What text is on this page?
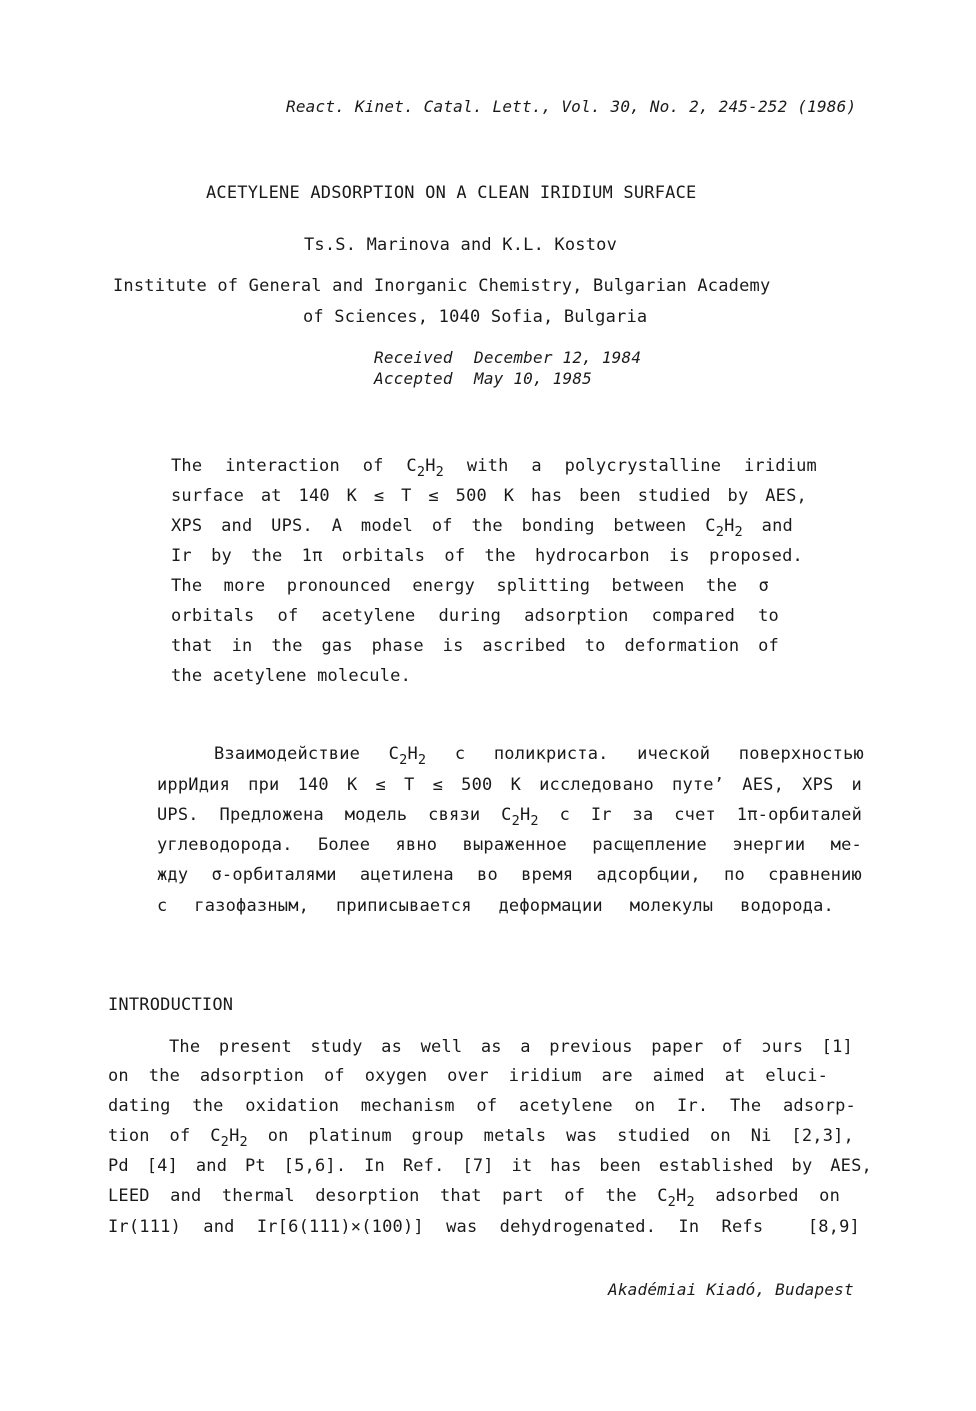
React. Kinet. Catal. Lett., Vol. 30, No. 2, 245-252 (1986)
ACETYLENE ADSORPTION ON A CLEAN IRIDIUM SURFACE
Ts.S. Marinova and K.L. Kostov
Institute of General and Inorganic Chemistry, Bulgarian Academy
of Sciences, 1040 Sofia, Bulgaria
Received December 12, 1984
Accepted May 10, 1985
The interaction of $C_2H_2$ with a polycrystalline iridium
surface at 140 K ≤ T ≤ 500 K has been studied by AES,
XPS and UPS. A model of the bonding between $C_2H_2$ and
Ir by the 1π orbitals of the hydrocarbon is proposed.
The more pronounced energy splitting between the σ
orbitals of acetylene during adsorption compared to
that in the gas phase is ascribed to deformation of
the acetylene molecule.
Взаимодействие $C_2H_2$ с поликриста. ичеcкой поверхностью
иррИдия при 140 K ≤ T ≤ 500 K исследовано путе’ AES, XPS и
UPS. Предложена модель связи $C_2H_2$ с Ir за счет 1π-орбиталей
углеводорода. Более явно выраженное расщепление энергии ме-
жду σ-орбиталями ацетилена во время адсорбции, по сравнению
с газофазным, приписывается деформации молекулы водорода.
INTRODUCTION
The present study as well as a previous paper of ɔurs [1]
on the adsorption of oxygen over iridium are aimed at eluci-
dating the oxidation mechanism of acetylene on Ir. The adsorp-
tion of $C_2H_2$ on platinum group metals was studied on Ni [2,3],
Pd [4] and Pt [5,6]. In Ref. [7] it has been established by AES,
LEED and thermal desorption that part of the $C_2H_2$ adsorbed on
Ir(111) and Ir[6(111)×(100)] was dehydrogenated. In Refs  [8,9]
Akadémiai Kiadó, Budapest
